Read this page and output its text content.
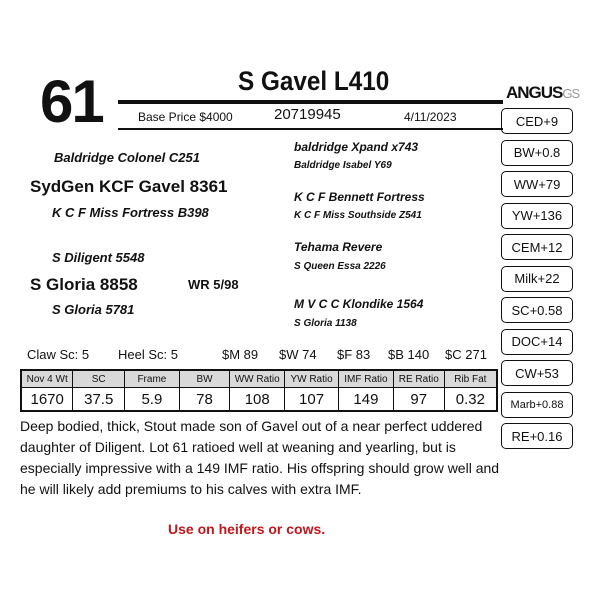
61	S Gavel L410
Base Price $4000	20719945	4/11/2023
ANGUSGS
Baldridge Colonel C251
SydGen KCF Gavel 8361
K C F Miss Fortress B398
S Diligent 5548
S Gloria 8858
S Gloria 5781
WR 5/98
baldridge Xpand x743
Baldridge Isabel Y69
K C F Bennett Fortress
K C F Miss Southside Z541
Tehama Revere
S Queen Essa 2226
M V C C Klondike 1564
S Gloria 1138
CED+9
BW+0.8
WW+79
YW+136
CEM+12
Milk+22
SC+0.58
DOC+14
CW+53
Marb+0.88
RE+0.16
Claw Sc: 5 Heel Sc: 5	$M 89 $W 74 $F 83 $B 140 $C 271
Nov 4 Wt	SC	Frame	BW	WW Ratio	YW Ratio	IMF Ratio	RE Ratio	Rib Fat
1670	37.5	5.9	78	108	107	149	97	0.32
Deep bodied, thick, Stout made son of Gavel out of a near perfect uddered daughter of Diligent. Lot 61 ratioed well at weaning and yearling, but is especially impressive with a 149 IMF ratio. His offspring should grow well and he will likely add premiums to his calves with extra IMF.
Use on heifers or cows.
